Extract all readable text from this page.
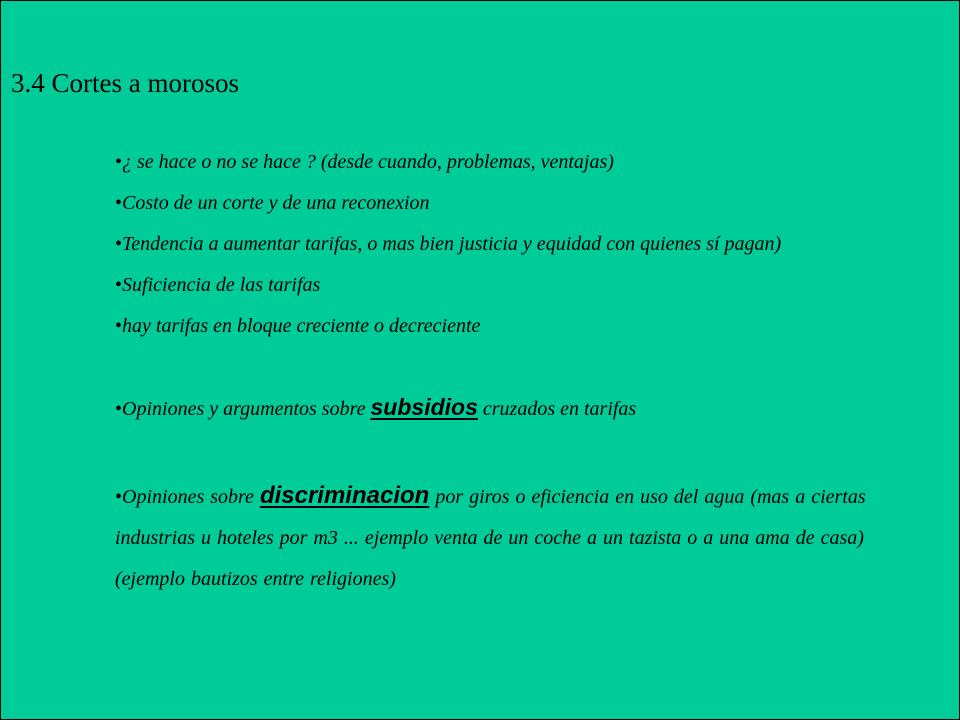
3.4 Cortes a morosos
•¿ se hace o no se hace ? (desde cuando, problemas, ventajas)
•Costo de un corte y de una reconexion
•Tendencia a aumentar tarifas, o mas bien justicia y equidad con quienes sí pagan)
•Suficiencia de las tarifas
•hay tarifas en bloque creciente o decreciente
•Opiniones y argumentos sobre subsidios cruzados en tarifas
•Opiniones sobre discriminacion por giros o eficiencia en uso del agua (mas a ciertas industrias u hoteles por m3 ... ejemplo venta de un coche a un tazista o a una ama de casa) (ejemplo bautizos entre religiones)
